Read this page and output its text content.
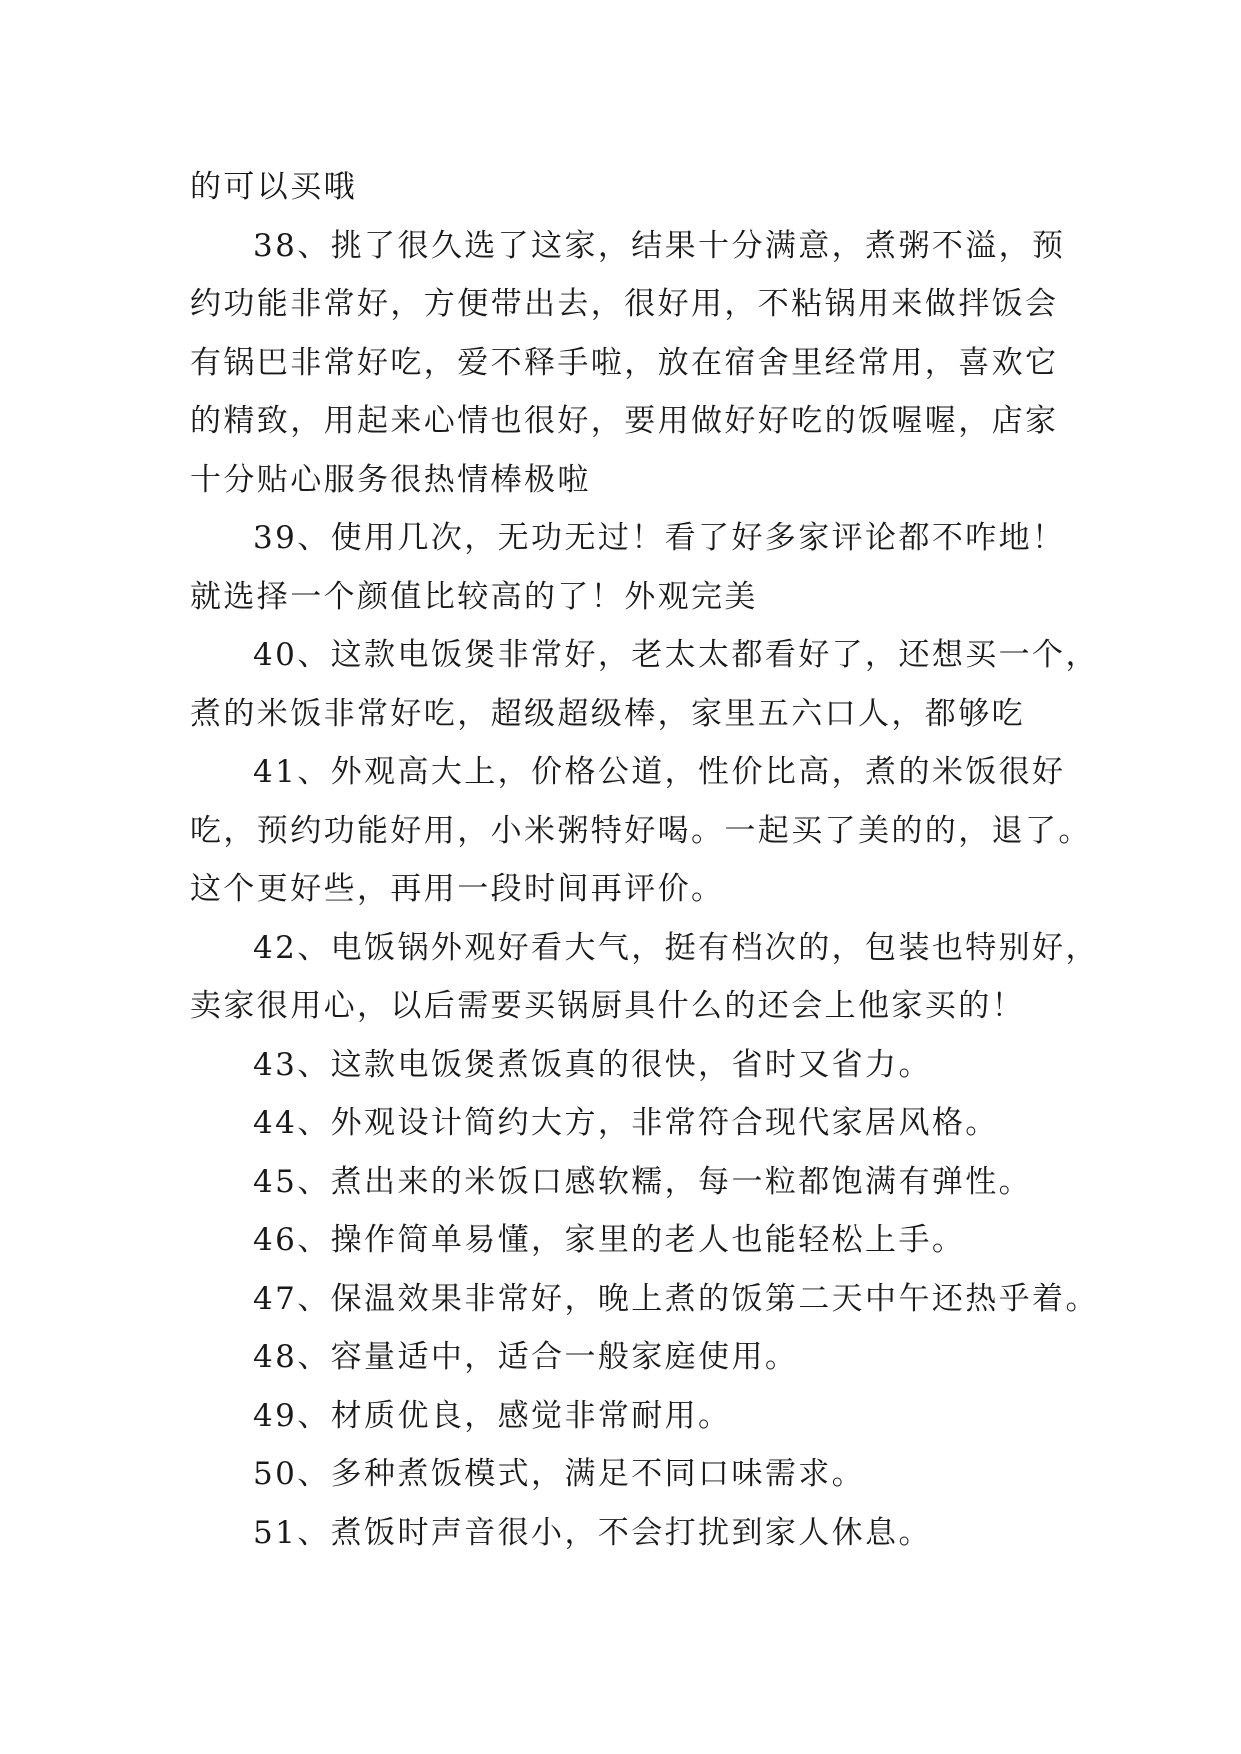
的可以买哦
38、挑了很久选了这家，结果十分满意，煮粥不溢，预
约功能非常好，方便带出去，很好用，不粘锅用来做拌饭会
有锅巴非常好吃，爱不释手啦，放在宿舍里经常用，喜欢它
的精致，用起来心情也很好，要用做好好吃的饭喔喔，店家
十分贴心服务很热情棒极啦
39、使用几次，无功无过！看了好多家评论都不咋地！
就选择一个颜值比较高的了！外观完美
40、这款电饭煲非常好，老太太都看好了，还想买一个，
煮的米饭非常好吃，超级超级棒，家里五六口人，都够吃
41、外观高大上，价格公道，性价比高，煮的米饭很好
吃，预约功能好用，小米粥特好喝。一起买了美的的，退了。
这个更好些，再用一段时间再评价。
42、电饭锅外观好看大气，挺有档次的，包装也特别好，
卖家很用心，以后需要买锅厨具什么的还会上他家买的！
43、这款电饭煲煮饭真的很快，省时又省力。
44、外观设计简约大方，非常符合现代家居风格。
45、煮出来的米饭口感软糯，每一粒都饱满有弹性。
46、操作简单易懂，家里的老人也能轻松上手。
47、保温效果非常好，晚上煮的饭第二天中午还热乎着。
48、容量适中，适合一般家庭使用。
49、材质优良，感觉非常耐用。
50、多种煮饭模式，满足不同口味需求。
51、煮饭时声音很小，不会打扰到家人休息。
